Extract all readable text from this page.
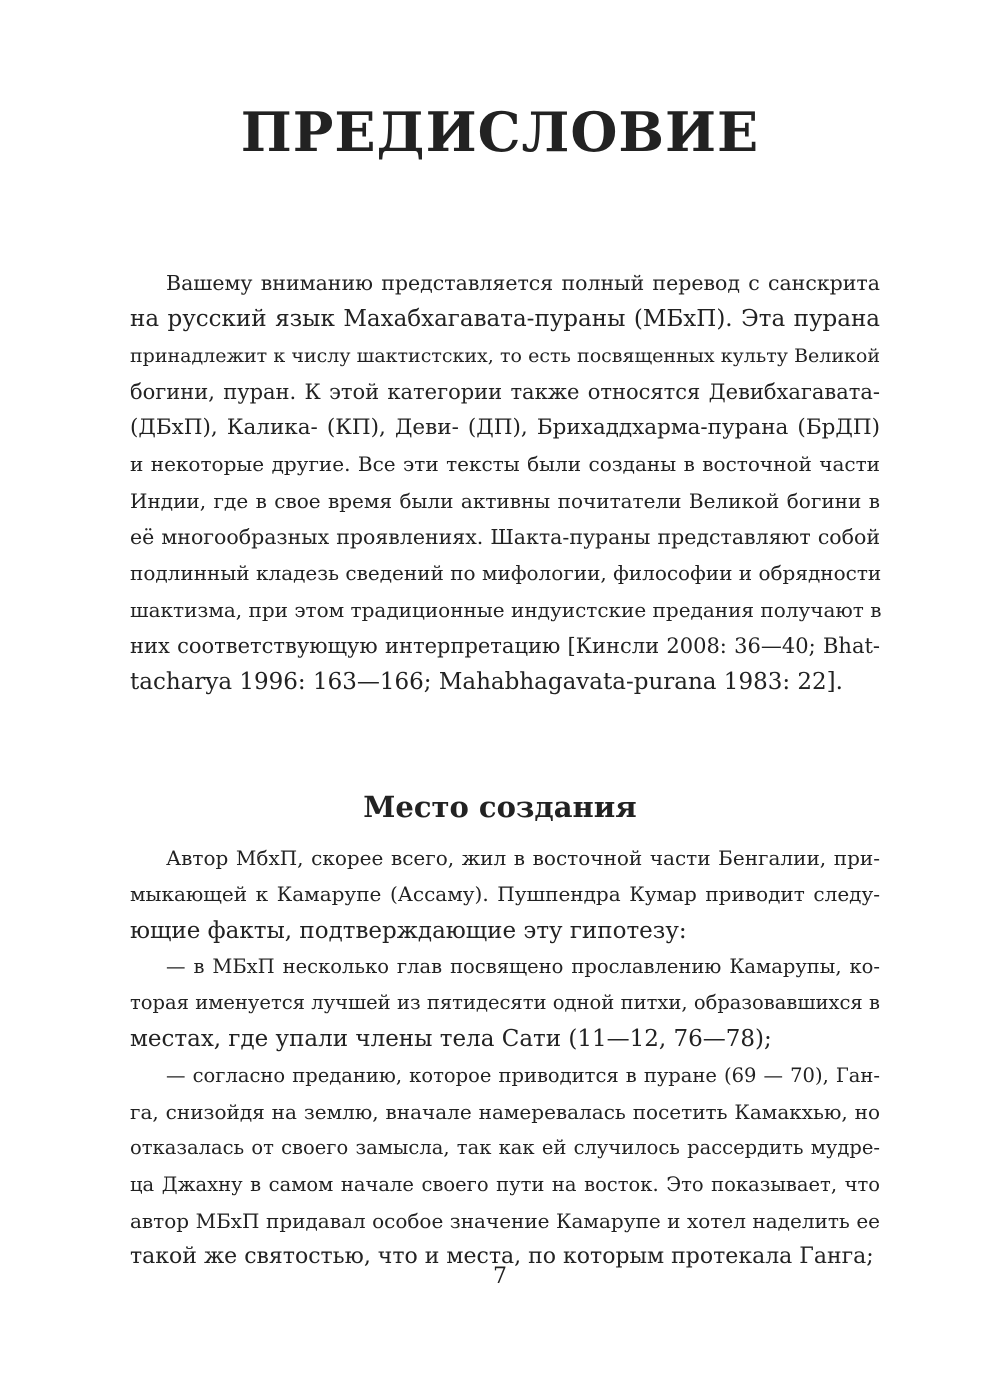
ПРЕДИСЛОВИЕ
Вашему вниманию представляется полный перевод с санскрита
на русский язык Махабхагавата-пураны (МБхП). Эта пурана
принадлежит к числу шактистских, то есть посвященных культу Великой
богини, пуран. К этой категории также относятся Девибхагавата-
(ДБхП), Калика- (КП), Деви- (ДП), Брихаддхарма-пурана (БрДП)
и некоторые другие. Все эти тексты были созданы в восточной части
Индии, где в свое время были активны почитатели Великой богини в
её многообразных проявлениях. Шакта-пураны представляют собой
подлинный кладезь сведений по мифологии, философии и обрядности
шактизма, при этом традиционные индуистские предания получают в
них соответствующую интерпретацию [Кинсли 2008: 36—40; Bhat-
tacharya 1996: 163—166; Mahabhagavata-purana 1983: 22].
Место создания
Автор МбхП, скорее всего, жил в восточной части Бенгалии, при-
мыкающей к Камарупе (Ассаму). Пушпендра Кумар приводит следу-
ющие факты, подтверждающие эту гипотезу:
— в МБхП несколько глав посвящено прославлению Камарупы, ко-
торая именуется лучшей из пятидесяти одной питхи, образовавшихся в
местах, где упали члены тела Сати (11—12, 76—78);
— согласно преданию, которое приводится в пуране (69 — 70), Ган-
га, снизойдя на землю, вначале намеревалась посетить Камакхью, но
отказалась от своего замысла, так как ей случилось рассердить мудре-
ца Джахну в самом начале своего пути на восток. Это показывает, что
автор МБхП придавал особое значение Камарупе и хотел наделить ее
такой же святостью, что и места, по которым протекала Ганга;
7
